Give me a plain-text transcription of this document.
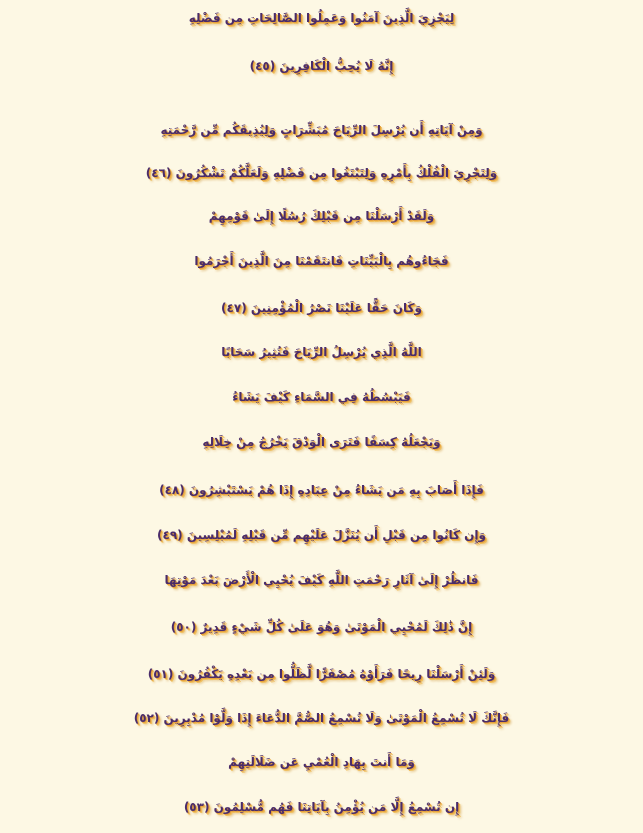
لِيَجْزِيَ الَّذِينَ آمَنُوا وَعَمِلُوا الصَّالِحَاتِ مِن فَضْلِهِ
إِنَّهُ لَا يُحِبُّ الْكَافِرِينَ (٤٥)
وَمِنْ آيَاتِهِ أَن يُرْسِلَ الرِّيَاحَ مُبَشِّرَاتٍ وَلِيُذِيقَكُم مِّن رَّحْمَتِهِ
وَلِتَجْرِيَ الْفُلْكُ بِأَمْرِهِ وَلِتَبْتَغُوا مِن فَضْلِهِ وَلَعَلَّكُمْ تَشْكُرُونَ (٤٦)
وَلَقَدْ أَرْسَلْنَا مِن قَبْلِكَ رُسُلًا إِلَىٰ قَوْمِهِمْ
فَجَاءُوهُم بِالْبَيِّنَاتِ فَانتَقَمْنَا مِنَ الَّذِينَ أَجْرَمُوا
وَكَانَ حَقًّا عَلَيْنَا نَصْرُ الْمُؤْمِنِينَ (٤٧)
اللَّهُ الَّذِي يُرْسِلُ الرِّيَاحَ فَتُثِيرُ سَحَابًا
فَيَبْسُطُهُ فِي السَّمَاءِ كَيْفَ يَشَاءُ
وَيَجْعَلُهُ كِسَفًا فَتَرَى الْوَدْقَ يَخْرُجُ مِنْ خِلَالِهِ
فَإِذَا أَصَابَ بِهِ مَن يَشَاءُ مِنْ عِبَادِهِ إِذَا هُمْ يَسْتَبْشِرُونَ (٤٨)
وَإِن كَانُوا مِن قَبْلِ أَن يُنَزَّلَ عَلَيْهِم مِّن قَبْلِهِ لَمُبْلِسِينَ (٤٩)
فَانظُرْ إِلَىٰ آثَارِ رَحْمَتِ اللَّهِ كَيْفَ يُحْيِي الْأَرْضَ بَعْدَ مَوْتِهَا
إِنَّ ذَٰلِكَ لَمُحْيِي الْمَوْتَىٰ وَهُوَ عَلَىٰ كُلِّ شَيْءٍ قَدِيرٌ (٥٠)
وَلَئِنْ أَرْسَلْنَا رِيحًا فَرَأَوْهُ مُصْفَرًّا لَّظَلُّوا مِن بَعْدِهِ يَكْفُرُونَ (٥١)
فَإِنَّكَ لَا تُسْمِعُ الْمَوْتَىٰ وَلَا تُسْمِعُ الصُّمَّ الدُّعَاءَ إِذَا وَلَّوْا مُدْبِرِينَ (٥٢)
وَمَا أَنتَ بِهَادِ الْعُمْيِ عَن ضَلَالَتِهِمْ
إِن تُسْمِعُ إِلَّا مَن يُؤْمِنُ بِآيَاتِنَا فَهُم مُّسْلِمُونَ (٥٣)
